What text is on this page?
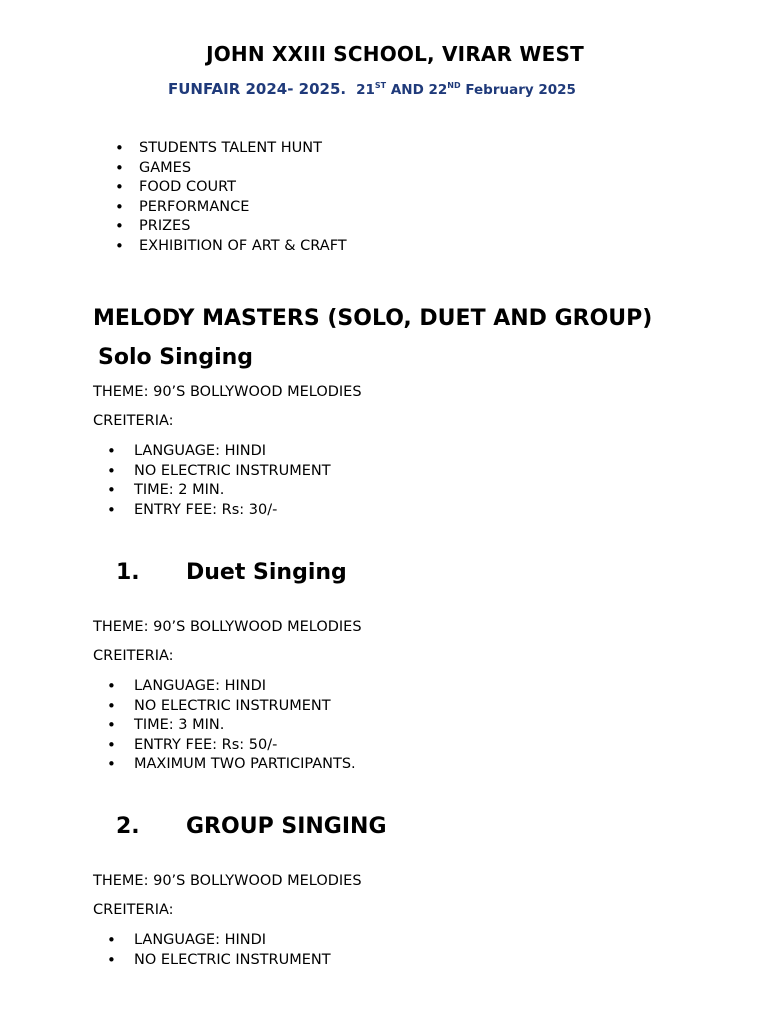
JOHN XXIII SCHOOL, VIRAR WEST
FUNFAIR 2024- 2025. 21ST AND 22ND February 2025
• STUDENTS TALENT HUNT
• GAMES
• FOOD COURT
• PERFORMANCE
• PRIZES
• EXHIBITION OF ART & CRAFT
MELODY MASTERS (SOLO, DUET AND GROUP)
Solo Singing
THEME: 90’S BOLLYWOOD MELODIES
CREITERIA:
• LANGUAGE: HINDI
• NO ELECTRIC INSTRUMENT
• TIME: 2 MIN.
• ENTRY FEE: Rs: 30/-
1. Duet Singing
THEME: 90’S BOLLYWOOD MELODIES
CREITERIA:
• LANGUAGE: HINDI
• NO ELECTRIC INSTRUMENT
• TIME: 3 MIN.
• ENTRY FEE: Rs: 50/-
• MAXIMUM TWO PARTICIPANTS.
2. GROUP SINGING
THEME: 90’S BOLLYWOOD MELODIES
CREITERIA:
• LANGUAGE: HINDI
• NO ELECTRIC INSTRUMENT
